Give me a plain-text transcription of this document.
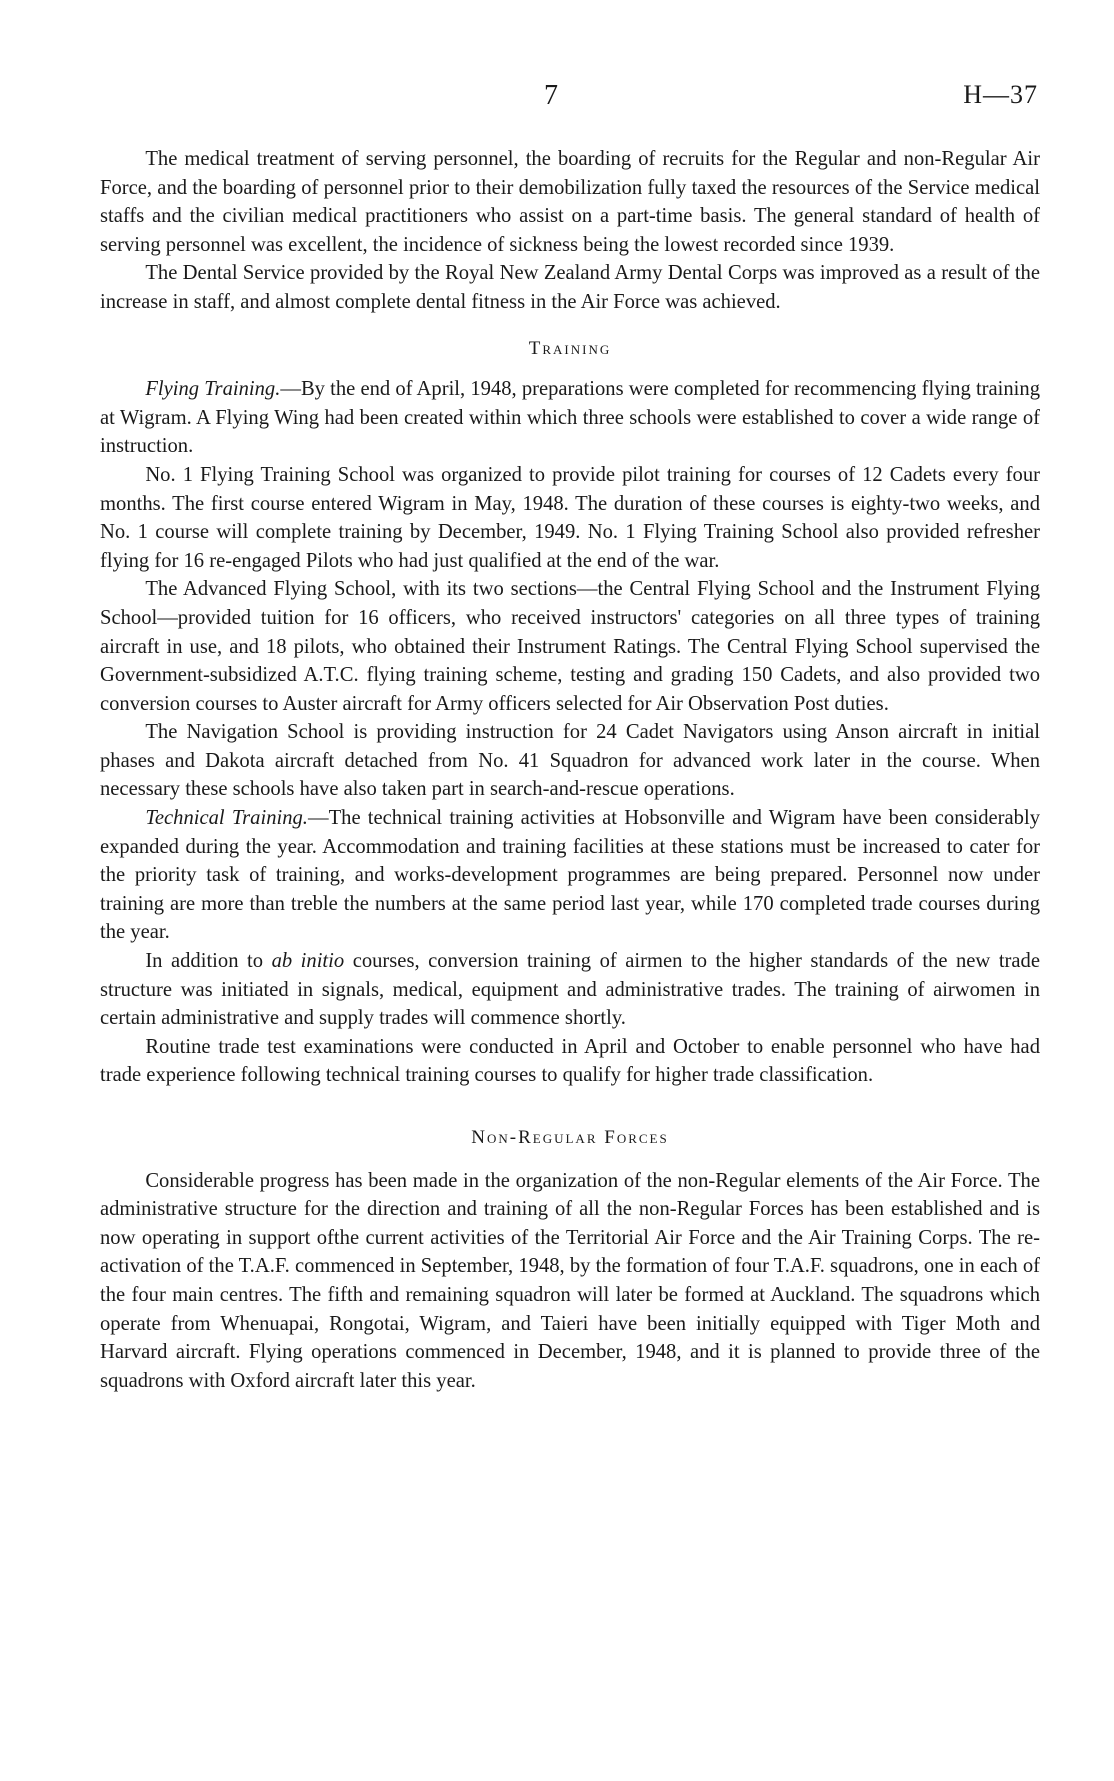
7	H—37

The medical treatment of serving personnel, the boarding of recruits for the Regular and non-Regular Air Force, and the boarding of personnel prior to their demobilization fully taxed the resources of the Service medical staffs and the civilian medical practitioners who assist on a part-time basis. The general standard of health of serving personnel was excellent, the incidence of sickness being the lowest recorded since 1939.

The Dental Service provided by the Royal New Zealand Army Dental Corps was improved as a result of the increase in staff, and almost complete dental fitness in the Air Force was achieved.

Training

Flying Training.—By the end of April, 1948, preparations were completed for recommencing flying training at Wigram. A Flying Wing had been created within which three schools were established to cover a wide range of instruction.

No. 1 Flying Training School was organized to provide pilot training for courses of 12 Cadets every four months. The first course entered Wigram in May, 1948. The duration of these courses is eighty-two weeks, and No. 1 course will complete training by December, 1949. No. 1 Flying Training School also provided refresher flying for 16 re-engaged Pilots who had just qualified at the end of the war.

The Advanced Flying School, with its two sections—the Central Flying School and the Instrument Flying School—provided tuition for 16 officers, who received instructors' categories on all three types of training aircraft in use, and 18 pilots, who obtained their Instrument Ratings. The Central Flying School supervised the Government-subsidized A.T.C. flying training scheme, testing and grading 150 Cadets, and also provided two conversion courses to Auster aircraft for Army officers selected for Air Observation Post duties.

The Navigation School is providing instruction for 24 Cadet Navigators using Anson aircraft in initial phases and Dakota aircraft detached from No. 41 Squadron for advanced work later in the course. When necessary these schools have also taken part in search-and-rescue operations.

Technical Training.—The technical training activities at Hobsonville and Wigram have been considerably expanded during the year. Accommodation and training facilities at these stations must be increased to cater for the priority task of training, and works-development programmes are being prepared. Personnel now under training are more than treble the numbers at the same period last year, while 170 completed trade courses during the year.

In addition to ab initio courses, conversion training of airmen to the higher standards of the new trade structure was initiated in signals, medical, equipment and administrative trades. The training of airwomen in certain administrative and supply trades will commence shortly.

Routine trade test examinations were conducted in April and October to enable personnel who have had trade experience following technical training courses to qualify for higher trade classification.

Non-Regular Forces

Considerable progress has been made in the organization of the non-Regular elements of the Air Force. The administrative structure for the direction and training of all the non-Regular Forces has been established and is now operating in support ofthe current activities of the Territorial Air Force and the Air Training Corps. The re-activation of the T.A.F. commenced in September, 1948, by the formation of four T.A.F. squadrons, one in each of the four main centres. The fifth and remaining squadron will later be formed at Auckland. The squadrons which operate from Whenuapai, Rongotai, Wigram, and Taieri have been initially equipped with Tiger Moth and Harvard aircraft. Flying operations commenced in December, 1948, and it is planned to provide three of the squadrons with Oxford aircraft later this year.
